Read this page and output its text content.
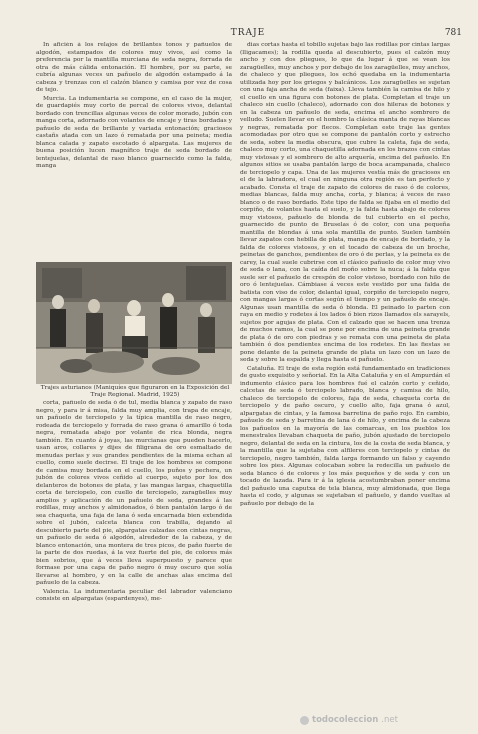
TRAJE	781

In aficién á los relajos de brillantes tonos y pañuelos de algodón, estampados de colores muy vivos, así como la preferencia por la mantilla murciana de seda negra, forrada de otra de más cálida entonación. El hombre, por su parte, se cubría algunas veces un pañuelo de algodón estampado á la cabeza y trenzas con el calzón blanco y camisa por vez de cosa de tejo.

Murcia. La indumentaria se compone, en el caso de la mujer, de guardapiés muy corto de percal de colores vivos, delantal bordado con trencillas algunas veces de color morado, jubón con manga corta, adornado con volantes de encaje y tiras bordadas y pañuelo de seda de brillante y variada entonación; graciosos castañs atada con un lazo ó rematada por una peineta; media blanca calada y zapato escotado ó alpargata. Las mujeres de buena posición lucen magnífico traje de seda bordado de lentejuelas, delantal de raso blanco guarnecido como la falda, manga

Trajes asturianos (Maniquíes que figuraron en la Exposición del Traje Regional. Madrid, 1925)

corta, pañuelo de seda ó de tul, media blanca y zapato de raso negro, y para ir á misa, falda muy amplia, con trapa de encaje, un pañuelo de terciopelo y la típica mantilla de raso negro, rodeada de terciopelo y forrada de raso grana ó amarillo ó toda negra, rematada abajo por volante de rica blonda, negra también. En cuanto á joyas, las murcianas que pueden hacerlo, usan aros, collares y dijes de filigrana de oro esmaltado de menudas perlas y sus grandes pendientes de la misma echan al cuello, como suele decirse. El traje de los hombres se compone de camisa muy bordada en el cuello, los puños y pechera, un jubón de colores vivos ceñido al cuerpo, sujeto por los dos delanteros de botones de plata, y las mangas largas, chaquetilla corta de terciopelo, con cuello de terciopelo, zaragüelles muy amplios y aplicación de un pañuelo de seda, grandes á las rodillas, muy anchos y almidonados, ó bien pantalón largo ó de sea chaqueta, una faja de lana ó seda encarnada bien extendida sobre el jubón, calceta blanca con trabilla, dejando al descubierto parte del pie, alpargatas calzadas con cintas negras, un pañuelo de seda ó algodón, alrededor de la cabeza, y de blanco entonación, una montera de tres picos, de paño fuerte de la parte de dos ruedas, á la vez fuerte del pie, de colores más bien sobrios, que á veces lleva superpuesto y parece que formase por una capa de paño negro ó muy oscuro que solía llevarse al hombro, y en la calle de anchas alas encima del pañuelo de la cabeza.

Valencia. La indumentaria peculiar del labrador valenciano consiste en alpargatas (espardenyes), me-

dias cortas hasta el tobillo sujetas bajo las rodillas por cintas largas (lligacames); la rodilla queda al descubierto, pues el calzón muy ancho y con dos pliegues, lo que da lugar á que se vean los zaragüelles, muy anchos y por debajo de los zaragüelles, muy anchos, de chaleco y que pliegues, los echó quedaba en la indumentaria utilizada hoy por los griegos y balcánicos. Los zaragüelles se sujetan con una faja ancha de seda (faixa). Lleva también la camisa de hilo y el cuello en una figura con botones de plata. Completan el traje un chaleco sin cuello (chaleco), adornado con dos hileras de botones y en la cabeza un pañuelo de seda, encima el ancho sombrero de velludo. Suelen llevar en el hombro la clásica manta de rayas blancas y negras, rematada por flecos. Completan este traje las gentes acomodadas por otro que se compone de pantalón corto y estrecho de seda, sobre la media obscura, que cubre la caleta, faja de seda, chaleco muy corto, una chaquetilla adornada en los brazos con cintas muy vistosas y el sombrero de alto arquería, encima del pañuelo. En algunos sitios se usaba pantalón largo de boca acampanada, chaleco de terciopelo y capa. Una de las mujeres vestía más de graciosos en el de la labradora, el cual en ninguna otra región es tan perfecto y acabado. Consta el traje de zapato de colores de raso ó de colores, medias blancas, falda muy ancha, corta, y blanca; á veces de raso blanco o de raso bordado. Este tipo de falda se fijaba en el medio del corpiño, de volantes hasta el suelo, y la falda hasta abajo de colores muy vistosos, pañuelo de blonda de tul cubierto en el pecho, guarnecido de punto de Bruselas ó de color, con una pequeña mantilla de blondas á una sola mantilla de punto. Suelen también llevar zapatos con hebilla de plata, manga de encaje de bordado, y la falda de colores vistosos, y en el tocado de cabeza de un broche, peinetas de ganchos, pendientes de oro ó de perlas, y la peineta es de carey, la cual suele cubrirse con el clásico pañuelo de color muy vivo de seda o lana, con la caída del moño sobre la nuca; á la falda que suele ser el pañuelo de crespón de color vistoso, bordado con hilo de oro ó lentejuelas. Cámbiase á veces este vestido por una falda de batista con viso de color, delantal igual, corpiño de terciopelo negro, con mangas largas ó cortas según el tiempo y un pañuelo de encaje. Algunas usan mantilla de seda ó blonda. El peinado lo parten con raya en medio y rodetes á los lados ó bien rizos llamados els sarayels, sujetos por agujas de plata. Con el calzado que se hacen una trenza de muchos ramos, la cual se pone por encima de una peineta grande de plata ó de oro con piedras y se remata con una peineta de plata también ó dos pendientes encima de los rodetes. En las fiestas se pone delante de la peineta grande de plata un lazo con un lazo de seda y sobre la espalda y llega hasta el pañuelo.

Cataluña. El traje de esta región está fundamentado en tradiciones de gusto exquisito y señorial. En la Alta Cataluña y en el Ampurdán el indumento clásico para los hombres fué el calzón corto y ceñido, calcetas de seda ó terciopelo labrado, blanca y camisa de hilo, chaleco de terciopelo de colores, faja de seda, chaqueta corta de terciopelo y de paño oscuro, y cuello alto, faja grana ó azul, alpargatas de cintas, y la famosa barretina de paño rojo. En cambio, pañuelo de seda y barretina de lana ó de hilo, y encima de la cabeza los pañuelos en la mayoría de las comarcas, en los pueblos los menestrales llevaban chaqueta de paño, jubón ajustado de terciopelo negro, delantal de seda en la cintura, los de la costa de seda blanca, y la mantilla que la sujetaba con alfileres con terciopelo y cintas de terciopelo, negro también, falda larga formando un falso y cayendo sobre los pies. Algunas colocaban sobre la redecilla un pañuelo de seda blanco ó de colores y los más pequeños y de seda y con un tocado de lazada. Para ir á la iglesia acostumbraban poner encima del pañuelo una caputxa de tela blanca, muy almidonada, que llega hasta el codo, y algunas se sujetaban el pañuelo, y dando vueltas al pañuelo por debajo de la

todocoleccion .net
